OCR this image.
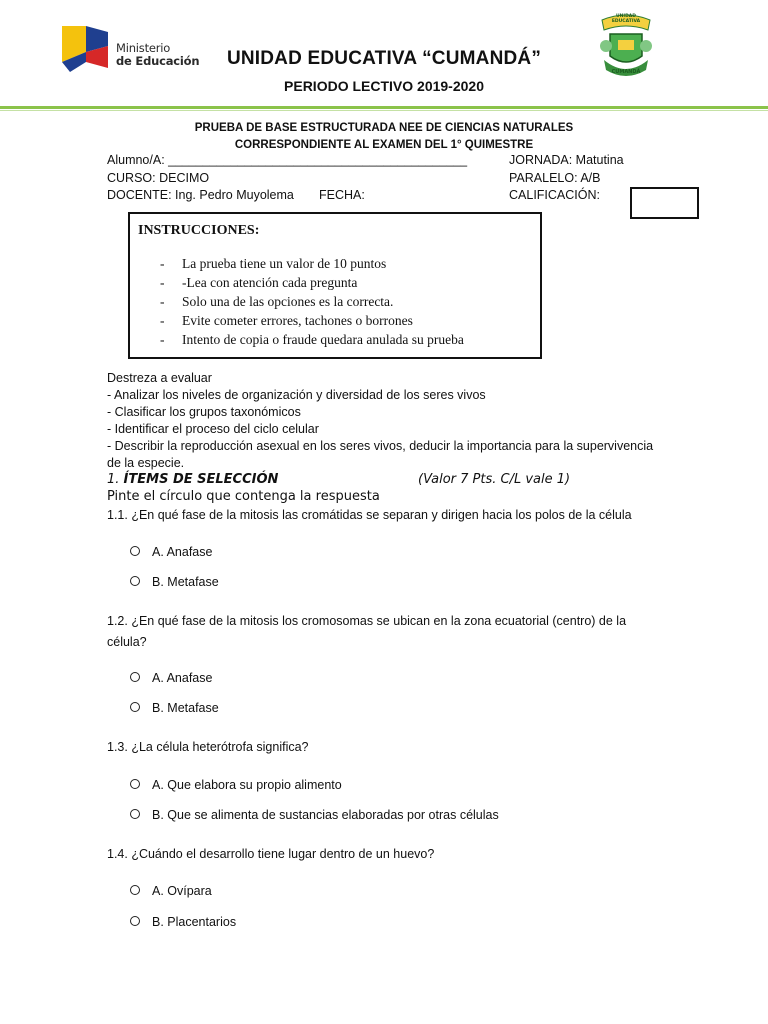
Ministerio
de Educación	UNIDAD EDUCATIVA “CUMANDÁ”
PERIODO LECTIVO 2019-2020
UNIDAD EDUCATIVA
CUMANDÁ
PRUEBA DE BASE ESTRUCTURADA NEE DE CIENCIAS NATURALES
CORRESPONDIENTE AL EXAMEN DEL 1° QUIMESTRE
Alumno/A: ___________________________________________	JORNADA: Matutina
CURSO: DECIMO	PARALELO: A/B
DOCENTE: Ing. Pedro Muyolema FECHA:	CALIFICACIÓN:
INSTRUCCIONES:
- La prueba tiene un valor de 10 puntos
- -Lea con atención cada pregunta
- Solo una de las opciones es la correcta.
- Evite cometer errores, tachones o borrones
- Intento de copia o fraude quedara anulada su prueba
Destreza a evaluar
- Analizar los niveles de organización y diversidad de los seres vivos
- Clasificar los grupos taxonómicos
- Identificar el proceso del ciclo celular
- Describir la reproducción asexual en los seres vivos, deducir la importancia para la supervivencia
de la especie.
1. ÍTEMS DE SELECCIÓN	(Valor 7 Pts. C/L vale 1)
Pinte el círculo que contenga la respuesta
1.1. ¿En qué fase de la mitosis las cromátidas se separan y dirigen hacia los polos de la célula
A. Anafase
B. Metafase
1.2. ¿En qué fase de la mitosis los cromosomas se ubican en la zona ecuatorial (centro) de la
célula?
A. Anafase
B. Metafase
1.3. ¿La célula heterótrofa significa?
A. Que elabora su propio alimento
B. Que se alimenta de sustancias elaboradas por otras células
1.4. ¿Cuándo el desarrollo tiene lugar dentro de un huevo?
A. Ovípara
B. Placentarios
